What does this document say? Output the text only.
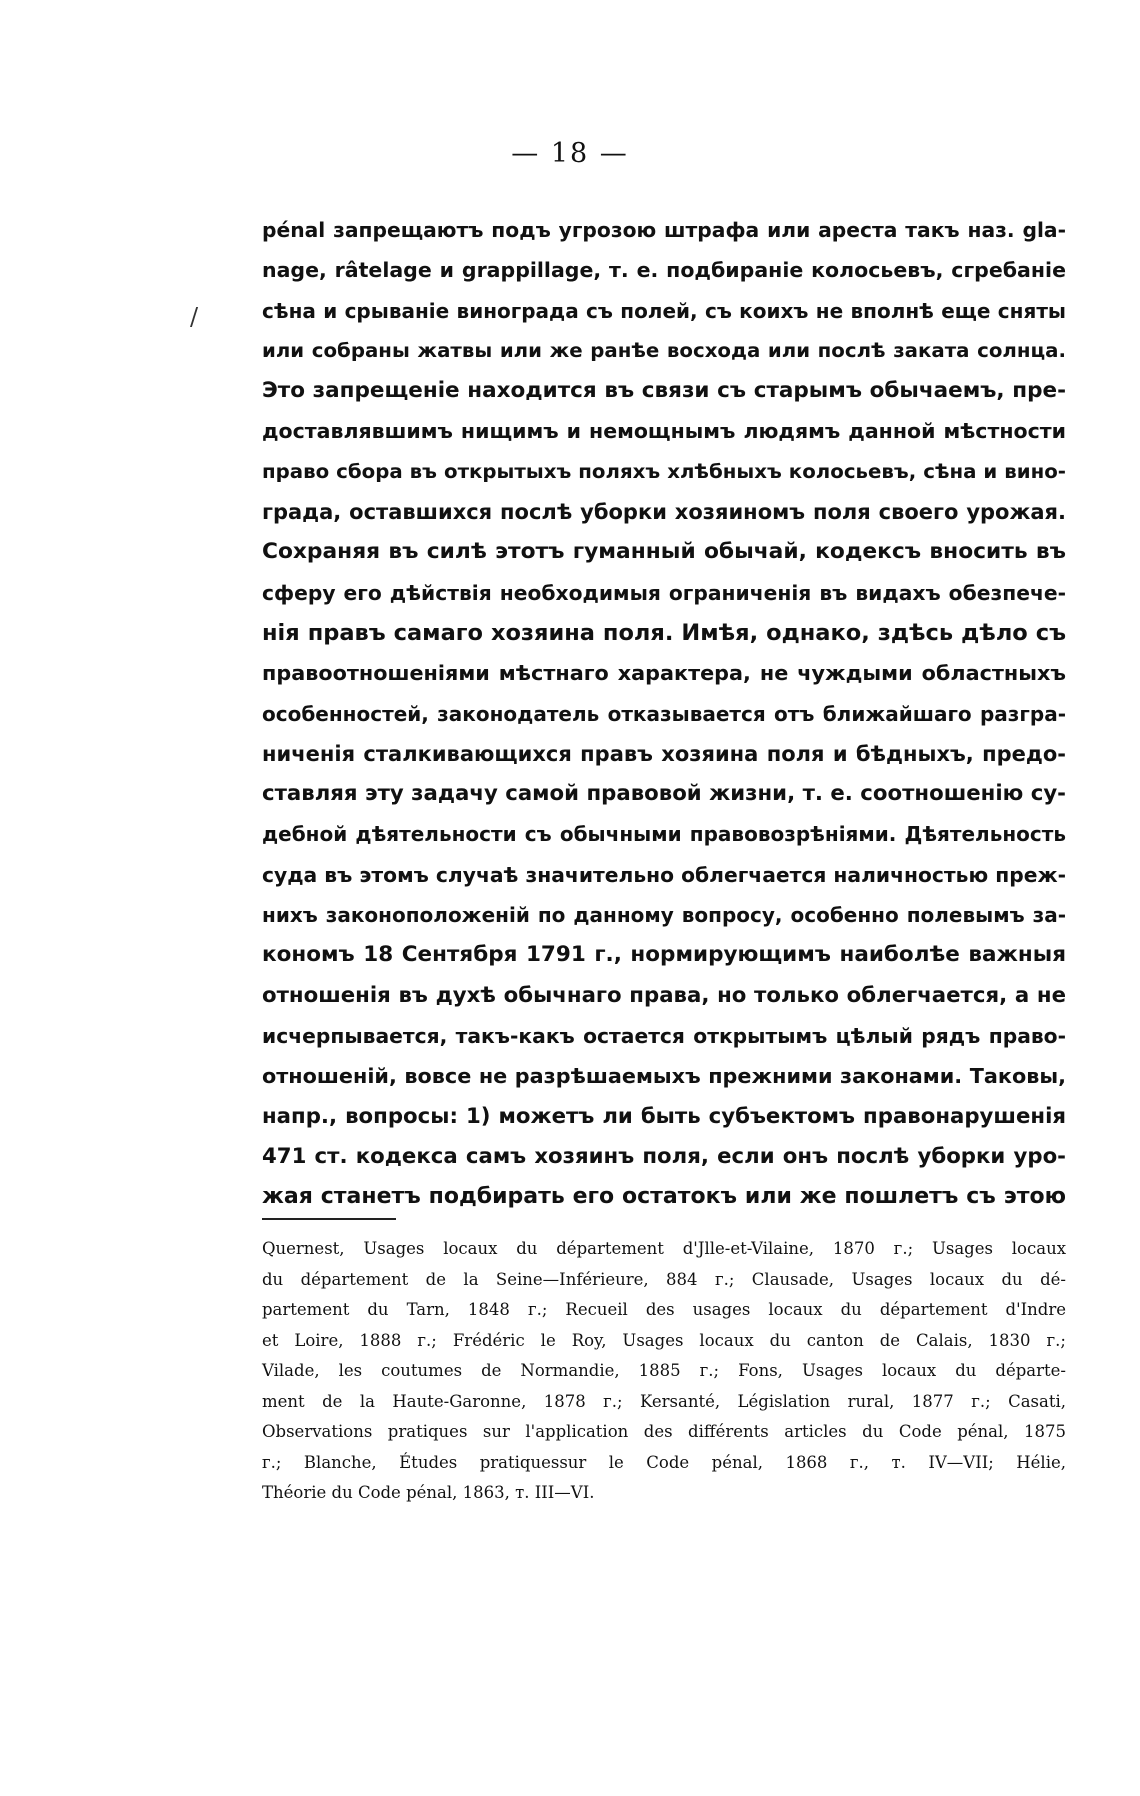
— 18 —
/
pénal запрещаютъ подъ угрозою штрафа или ареста такъ наз. gla-
nage, râtelage и grappillage, т. е. подбираніе колосьевъ, сгребаніе
сѣна и срываніе винограда съ полей, съ коихъ не вполнѣ еще сняты
или собраны жатвы или же ранѣе восхода или послѣ заката солнца.
Это запрещеніе находится въ связи съ старымъ обычаемъ, пре-
доставлявшимъ нищимъ и немощнымъ людямъ данной мѣстности
право сбора въ открытыхъ поляхъ хлѣбныхъ колосьевъ, сѣна и вино-
града, оставшихся послѣ уборки хозяиномъ поля своего урожая.
Сохраняя въ силѣ этотъ гуманный обычай, кодексъ вносить въ
сферу его дѣйствія необходимыя ограниченія въ видахъ обезпече-
нія правъ самаго хозяина поля. Имѣя, однако, здѣсь дѣло съ
правоотношеніями мѣстнаго характера, не чуждыми областныхъ
особенностей, законодатель отказывается отъ ближайшаго разгра-
ниченія сталкивающихся правъ хозяина поля и бѣдныхъ, предо-
ставляя эту задачу самой правовой жизни, т. е. соотношенію су-
дебной дѣятельности съ обычными правовозрѣніями. Дѣятельность
суда въ этомъ случаѣ значительно облегчается наличностью преж-
нихъ законоположеній по данному вопросу, особенно полевымъ за-
кономъ 18 Сентября 1791 г., нормирующимъ наиболѣе важныя
отношенія въ духѣ обычнаго права, но только облегчается, а не
исчерпывается, такъ-какъ остается открытымъ цѣлый рядъ право-
отношеній, вовсе не разрѣшаемыхъ прежними законами. Таковы,
напр., вопросы: 1) можетъ ли быть субъектомъ правонарушенія
471 ст. кодекса самъ хозяинъ поля, если онъ послѣ уборки уро-
жая станетъ подбирать его остатокъ или же пошлетъ съ этою
Quernest, Usages locaux du département d'Jlle-et-Vilaine, 1870 г.; Usages locaux
du département de la Seine—Inférieure, 884 г.; Clausade, Usages locaux du dé-
partement du Tarn, 1848 г.; Recueil des usages locaux du département d'Indre
et Loire, 1888 г.; Frédéric le Roy, Usages locaux du canton de Calais, 1830 г.;
Vilade, les coutumes de Normandie, 1885 г.; Fons, Usages locaux du départe-
ment de la Haute-Garonne, 1878 г.; Kersanté, Législation rural, 1877 г.; Casati,
Observations pratiques sur l'application des différents articles du Code pénal, 1875
г.; Blanche, Études pratiquessur le Code pénal, 1868 г., т. IV—VII; Hélie,
Théorie du Code pénal, 1863, т. III—VI.
